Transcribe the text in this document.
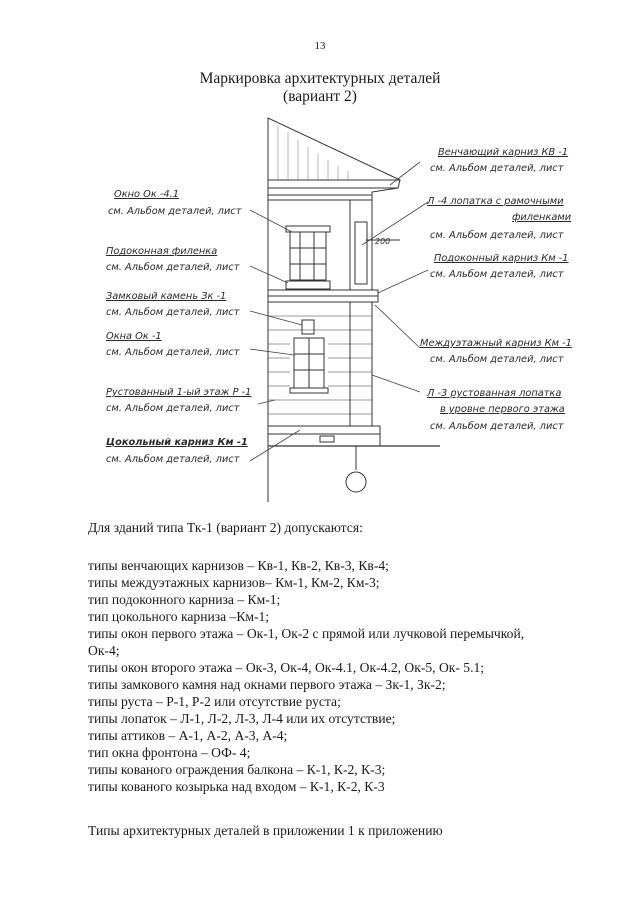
13
Маркировка архитектурных деталей
(вариант 2)
200
Окно Ок -4.1
см. Альбом деталей, лист
Подоконная филенка
см. Альбом деталей, лист
Замковый камень Зк -1
см. Альбом деталей, лист
Окна Ок -1
см. Альбом деталей, лист
Рустованный 1-ый этаж Р -1
см. Альбом деталей, лист
Цокольный карниз Км -1
см. Альбом деталей, лист
Венчающий карниз КВ -1
см. Альбом деталей, лист
Л -4 лопатка с рамочными
филенками
см. Альбом деталей, лист
Подоконный карниз Км -1
см. Альбом деталей, лист
Междуэтажный карниз Км -1
см. Альбом деталей, лист
Л -3 рустованная лопатка
в уровне первого этажа
см. Альбом деталей, лист
Для зданий типа Тк-1 (вариант 2) допускаются:
типы венчающих карнизов – Кв-1, Кв-2, Кв-3, Кв-4;
типы междуэтажных карнизов– Км-1, Км-2, Км-3;
тип подоконного карниза – Км-1;
тип цокольного карниза –Км-1;
типы окон первого этажа – Ок-1, Ок-2 с прямой или лучковой перемычкой,
Ок-4;
типы окон второго этажа – Ок-3, Ок-4, Ок-4.1, Ок-4.2, Ок-5, Ок- 5.1;
типы замкового камня над окнами первого этажа – Зк-1, Зк-2;
типы руста – Р-1, Р-2 или отсутствие руста;
типы лопаток – Л-1, Л-2, Л-3, Л-4 или их отсутствие;
типы аттиков – А-1, А-2, А-3, А-4;
тип окна фронтона – ОФ- 4;
типы кованого ограждения балкона – К-1, К-2, К-3;
типы кованого козырька над входом – К-1, К-2, К-3
Типы архитектурных деталей в приложении 1 к приложению
